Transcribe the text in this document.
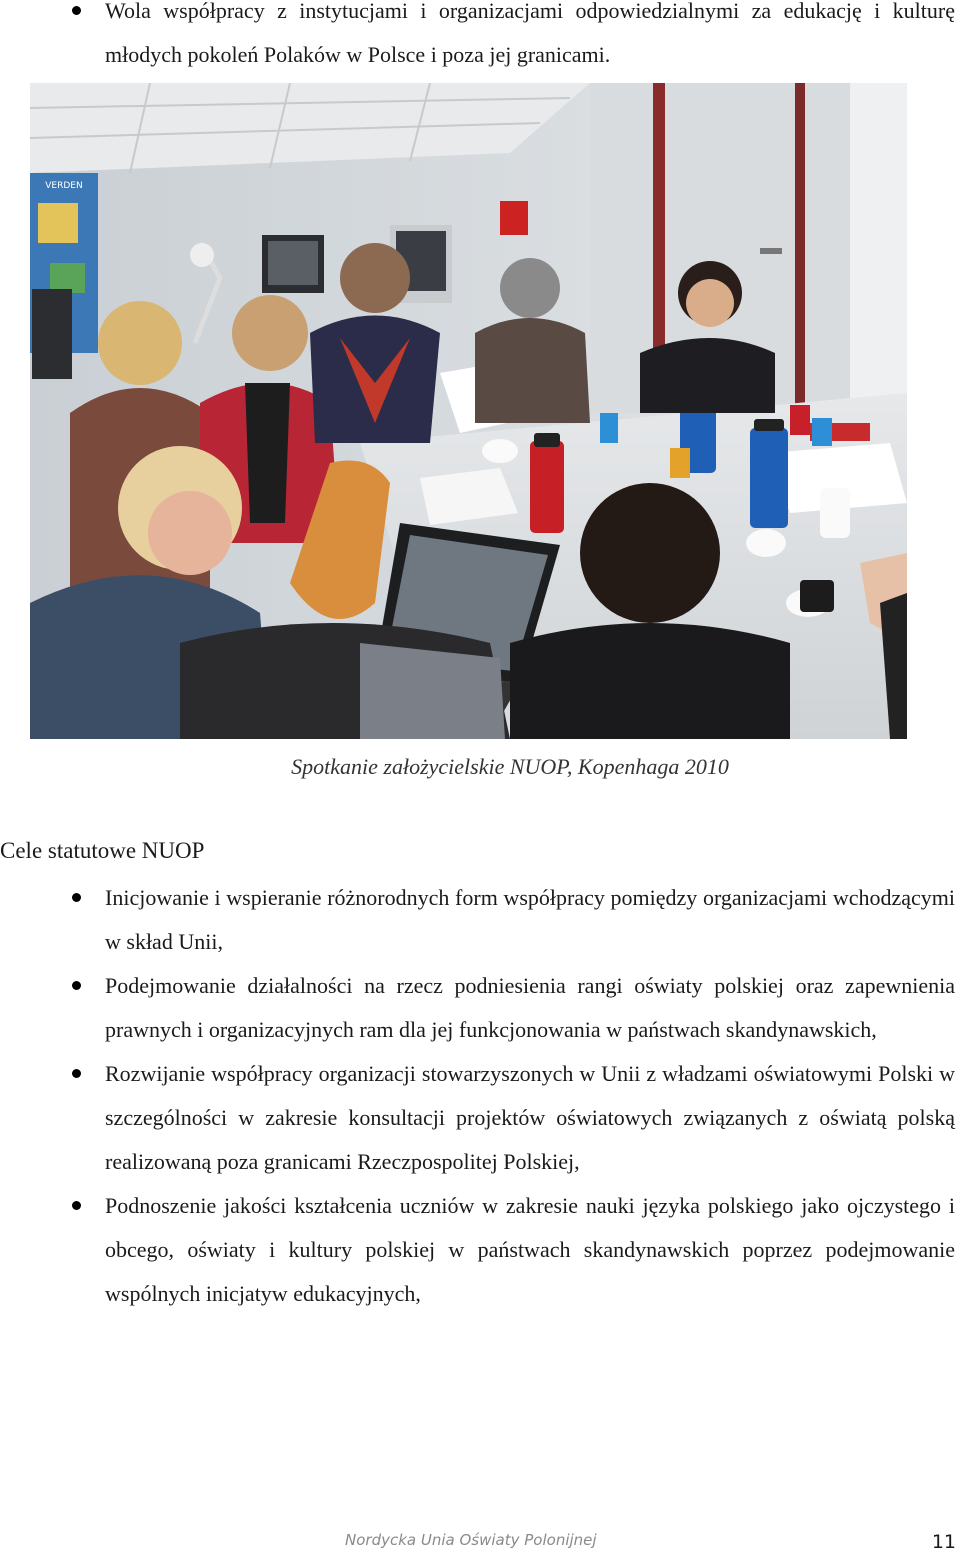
Wola współpracy z instytucjami i organizacjami odpowiedzialnymi za edukację i kulturę młodych pokoleń Polaków w Polsce i poza jej granicami.
VERDEN
Spotkanie założycielskie NUOP, Kopenhaga 2010
Cele statutowe NUOP
Inicjowanie i wspieranie różnorodnych form współpracy pomiędzy organizacjami wchodzącymi w skład Unii,
Podejmowanie działalności na rzecz podniesienia rangi oświaty polskiej oraz zapewnienia prawnych i organizacyjnych ram dla jej funkcjonowania w państwach skandynawskich,
Rozwijanie współpracy organizacji stowarzyszonych w Unii z władzami oświatowymi Polski w szczególności w zakresie konsultacji projektów oświatowych związanych z oświatą polską realizowaną poza granicami Rzeczpospolitej Polskiej,
Podnoszenie jakości kształcenia uczniów w zakresie nauki języka polskiego jako ojczystego i obcego, oświaty i kultury polskiej w państwach skandynawskich poprzez podejmowanie wspólnych inicjatyw edukacyjnych,
Nordycka Unia Oświaty Polonijnej	11
